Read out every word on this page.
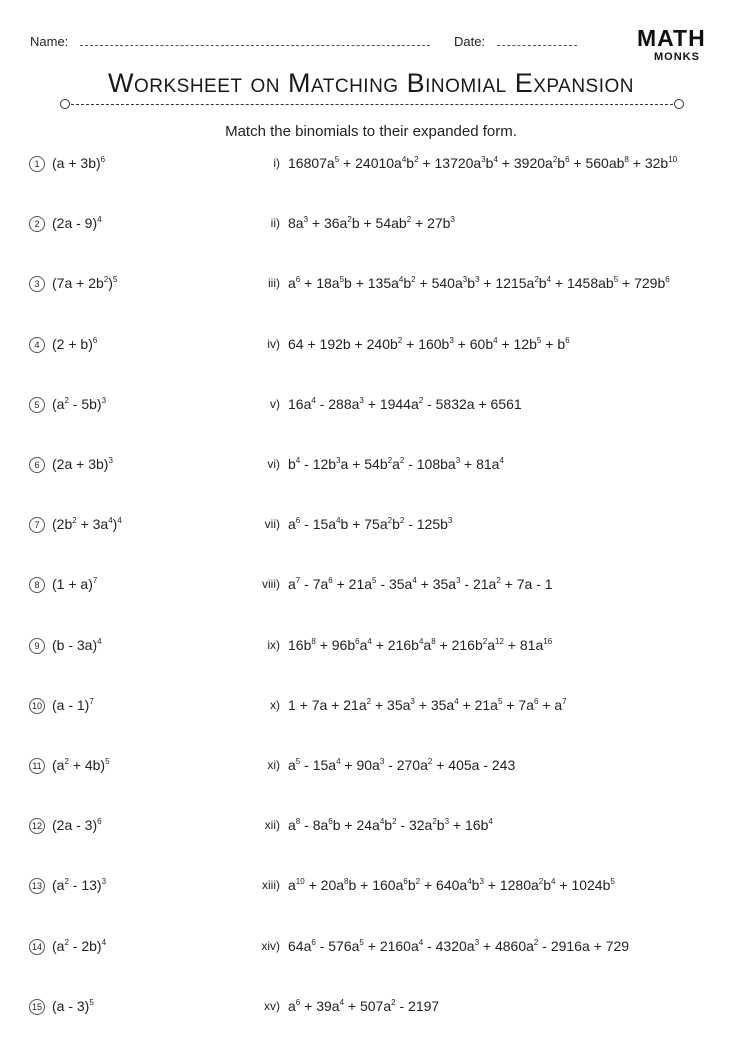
Name:	Date:	MATH
MONKS
Worksheet on Matching Binomial Expansion
Match the binomials to their expanded form.
1 $(a + 3b)^6$	i) $16807a^5 + 24010a^4b^2 + 13720a^3b^4 + 3920a^2b^6 + 560ab^8 + 32b^{10}$
2 (2a - 9)$^4$	ii) $8a^3 + 36a^2b + 54ab^2 + 27b^3$
3 $(7a + 2b^2)^5$	iii) $a^6 + 18a^5b + 135a^4b^2 + 540a^3b^3 + 1215a^2b^4 + 1458ab^5 + 729b^6$
4 $(2 + b)^6$	iv) $64 + 192b + 240b^2 + 160b^3 + 60b^4 + 12b^5 + b^6$
5 $(a^2 - 5b)^3$	v) $16a^4 - 288a^3 + 1944a^2 - 5832a + 6561$
6 $(2a + 3b)^3$	vi) $b^4 - 12b^3a + 54b^2a^2 - 108ba^3 + 81a^4$
7 $(2b^2 + 3a^4)^4$	vii) $a^6 - 15a^4b + 75a^2b^2 - 125b^3$
8 $(1 + a)^7$	viii) $a^7 - 7a^6 + 21a^5 - 35a^4 + 35a^3 - 21a^2 + 7a - 1$
9 (b - 3a)$^4$	ix) $16b^8 + 96b^6a^4 + 216b^4a^8 + 216b^2a^{12} + 81a^{16}$
10 (a - 1)$^7$	x) $1 + 7a + 21a^2 + 35a^3 + 35a^4 + 21a^5 + 7a^6 + a^7$
11 $(a^2 + 4b)^5$	xi) $a^5 - 15a^4 + 90a^3 - 270a^2 + 405a - 243$
12 (2a - 3)$^6$	xii) $a^8 - 8a^6b + 24a^4b^2 - 32a^2b^3 + 16b^4$
13 $(a^2 - 13)^3$	xiii) $a^{10} + 20a^8b + 160a^6b^2 + 640a^4b^3 + 1280a^2b^4 + 1024b^5$
14 $(a^2 - 2b)^4$	xiv) $64a^6 - 576a^5 + 2160a^4 - 4320a^3 + 4860a^2 - 2916a + 729$
15 (a - 3)$^5$	xv) $a^6 + 39a^4 + 507a^2 - 2197$
